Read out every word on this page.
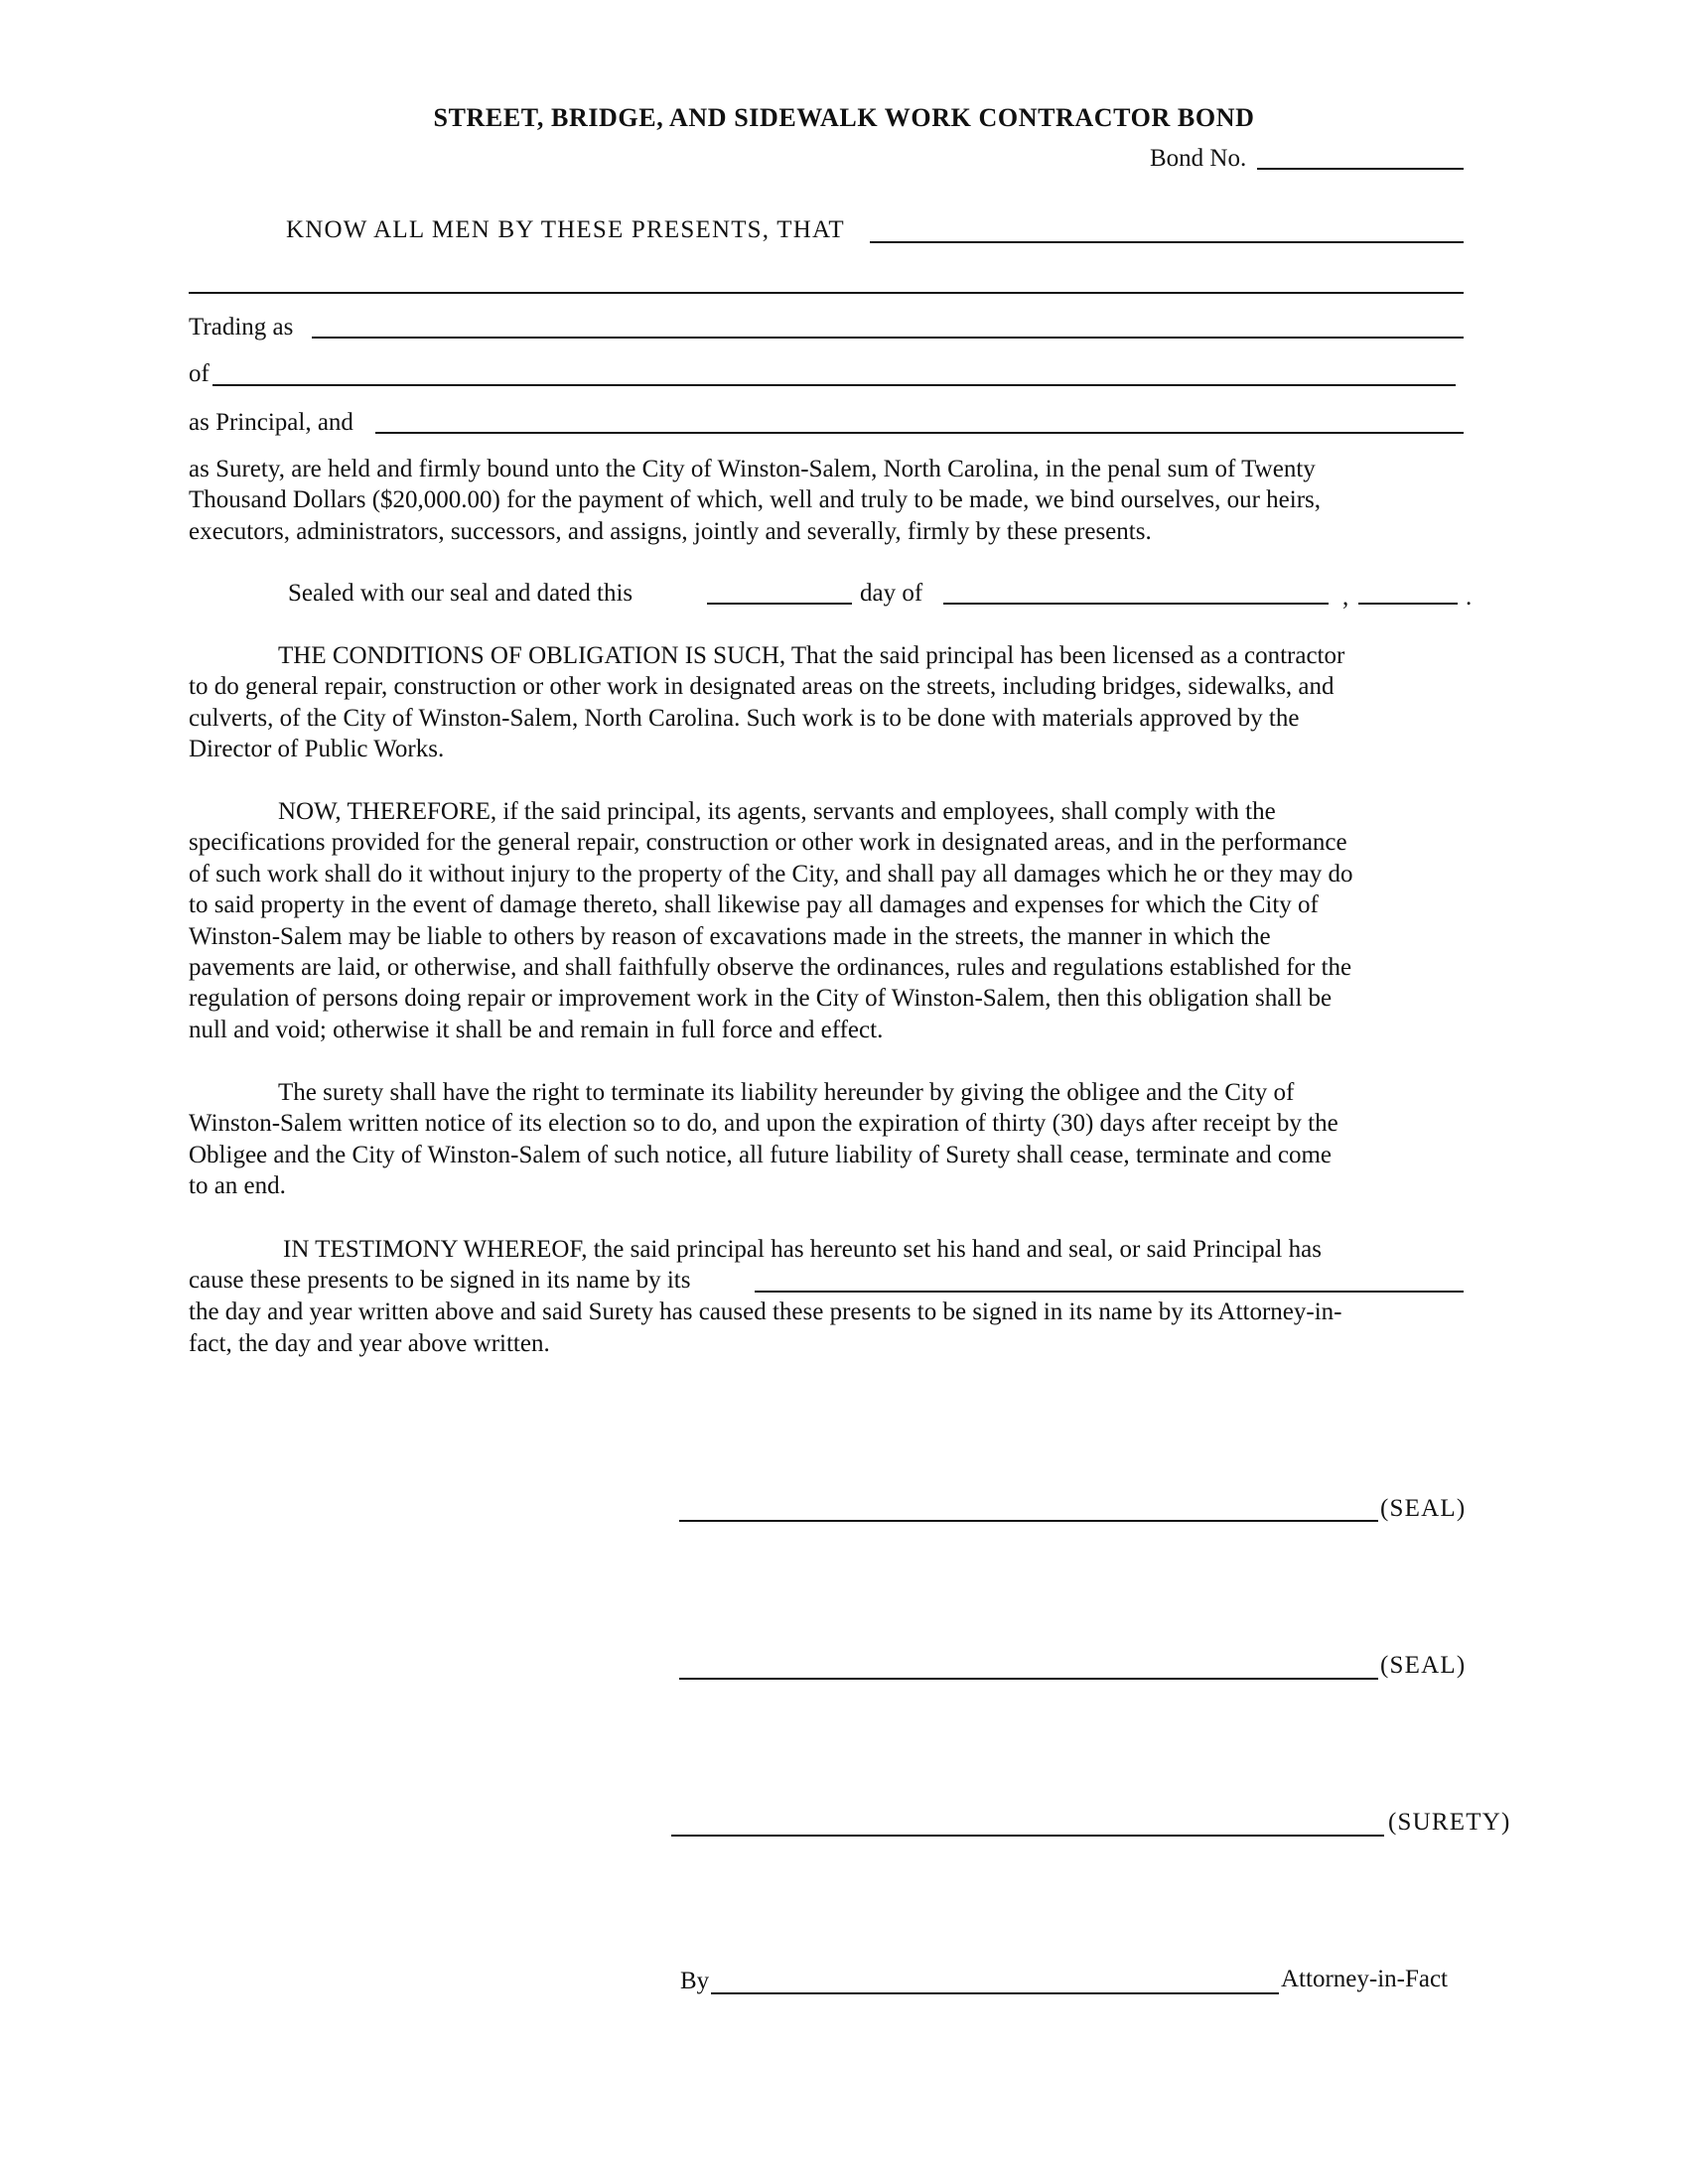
STREET, BRIDGE, AND SIDEWALK WORK CONTRACTOR BOND
Bond No.
KNOW ALL MEN BY THESE PRESENTS, THAT
Trading as
of
as Principal, and
as Surety, are held and firmly bound unto the City of Winston-Salem, North Carolina, in the penal sum of Twenty
Thousand Dollars ($20,000.00) for the payment of which, well and truly to be made, we bind ourselves, our heirs,
executors, administrators, successors, and assigns, jointly and severally, firmly by these presents.
Sealed with our seal and dated this	day of	,	.
THE CONDITIONS OF OBLIGATION IS SUCH, That the said principal has been licensed as a contractor
to do general repair, construction or other work in designated areas on the streets, including bridges, sidewalks, and
culverts, of the City of Winston-Salem, North Carolina. Such work is to be done with materials approved by the
Director of Public Works.
NOW, THEREFORE, if the said principal, its agents, servants and employees, shall comply with the
specifications provided for the general repair, construction or other work in designated areas, and in the performance
of such work shall do it without injury to the property of the City, and shall pay all damages which he or they may do
to said property in the event of damage thereto, shall likewise pay all damages and expenses for which the City of
Winston-Salem may be liable to others by reason of excavations made in the streets, the manner in which the
pavements are laid, or otherwise, and shall faithfully observe the ordinances, rules and regulations established for the
regulation of persons doing repair or improvement work in the City of Winston-Salem, then this obligation shall be
null and void; otherwise it shall be and remain in full force and effect.
The surety shall have the right to terminate its liability hereunder by giving the obligee and the City of
Winston-Salem written notice of its election so to do, and upon the expiration of thirty (30) days after receipt by the
Obligee and the City of Winston-Salem of such notice, all future liability of Surety shall cease, terminate and come
to an end.
IN TESTIMONY WHEREOF, the said principal has hereunto set his hand and seal, or said Principal has
cause these presents to be signed in its name by its
the day and year written above and said Surety has caused these presents to be signed in its name by its Attorney-in-
fact, the day and year above written.
(SEAL)
(SEAL)
(SURETY)
By	Attorney-in-Fact
